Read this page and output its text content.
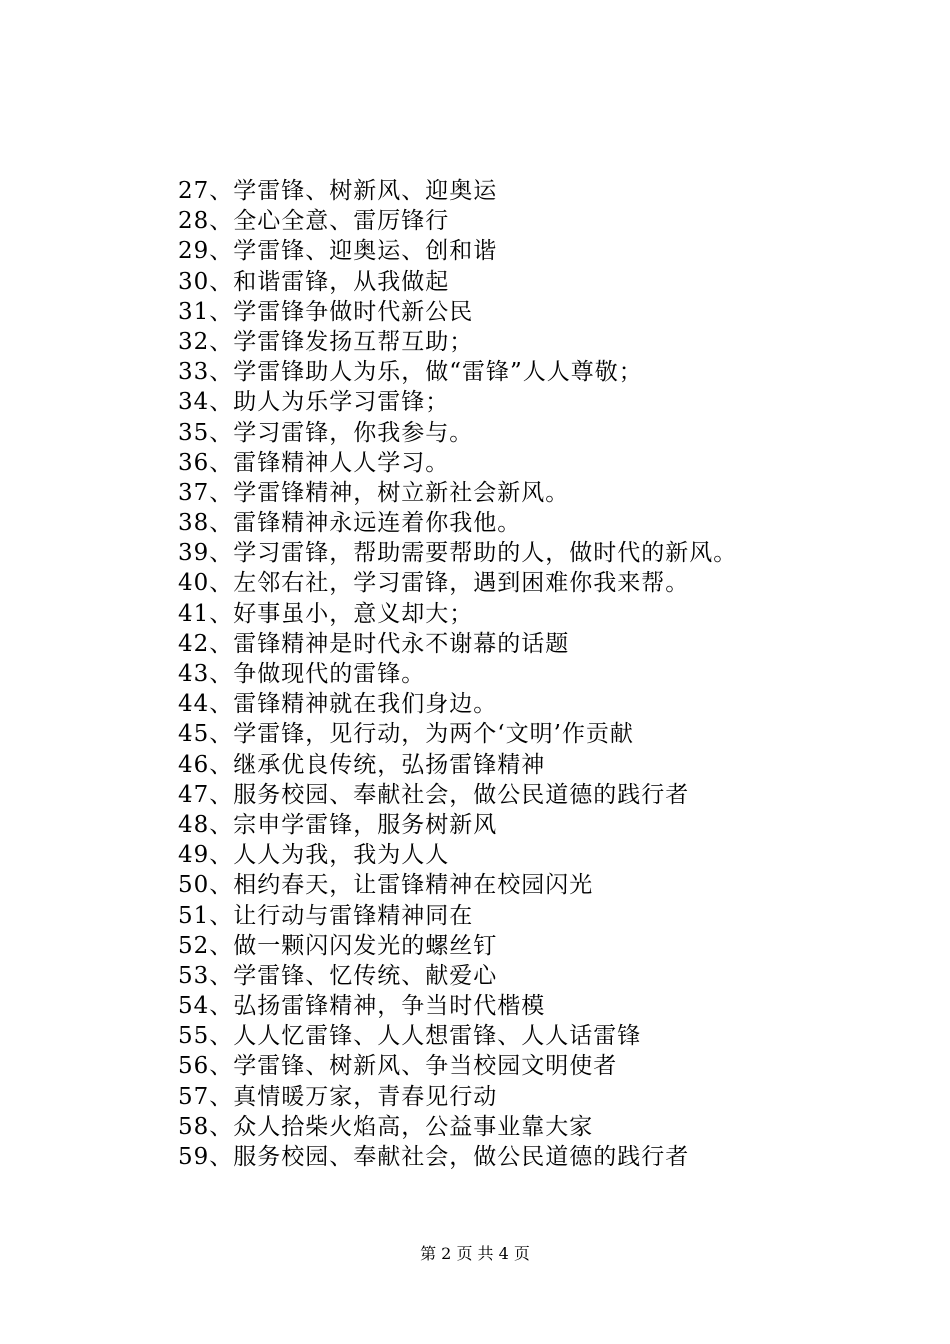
27、学雷锋、树新风、迎奥运
28、全心全意、雷厉锋行
29、学雷锋、迎奥运、创和谐
30、和谐雷锋，从我做起
31、学雷锋争做时代新公民
32、学雷锋发扬互帮互助；
33、学雷锋助人为乐，做“雷锋”人人尊敬；
34、助人为乐学习雷锋；
35、学习雷锋，你我参与。
36、雷锋精神人人学习。
37、学雷锋精神，树立新社会新风。
38、雷锋精神永远连着你我他。
39、学习雷锋，帮助需要帮助的人，做时代的新风。
40、左邻右社，学习雷锋，遇到困难你我来帮。
41、好事虽小，意义却大；
42、雷锋精神是时代永不谢幕的话题
43、争做现代的雷锋。
44、雷锋精神就在我们身边。
45、学雷锋，见行动，为两个‘文明’作贡献
46、继承优良传统，弘扬雷锋精神
47、服务校园、奉献社会，做公民道德的践行者
48、宗申学雷锋，服务树新风
49、人人为我，我为人人
50、相约春天，让雷锋精神在校园闪光
51、让行动与雷锋精神同在
52、做一颗闪闪发光的螺丝钉
53、学雷锋、忆传统、献爱心
54、弘扬雷锋精神，争当时代楷模
55、人人忆雷锋、人人想雷锋、人人话雷锋
56、学雷锋、树新风、争当校园文明使者
57、真情暖万家，青春见行动
58、众人拾柴火焰高，公益事业靠大家
59、服务校园、奉献社会，做公民道德的践行者
第 2 页 共 4 页
